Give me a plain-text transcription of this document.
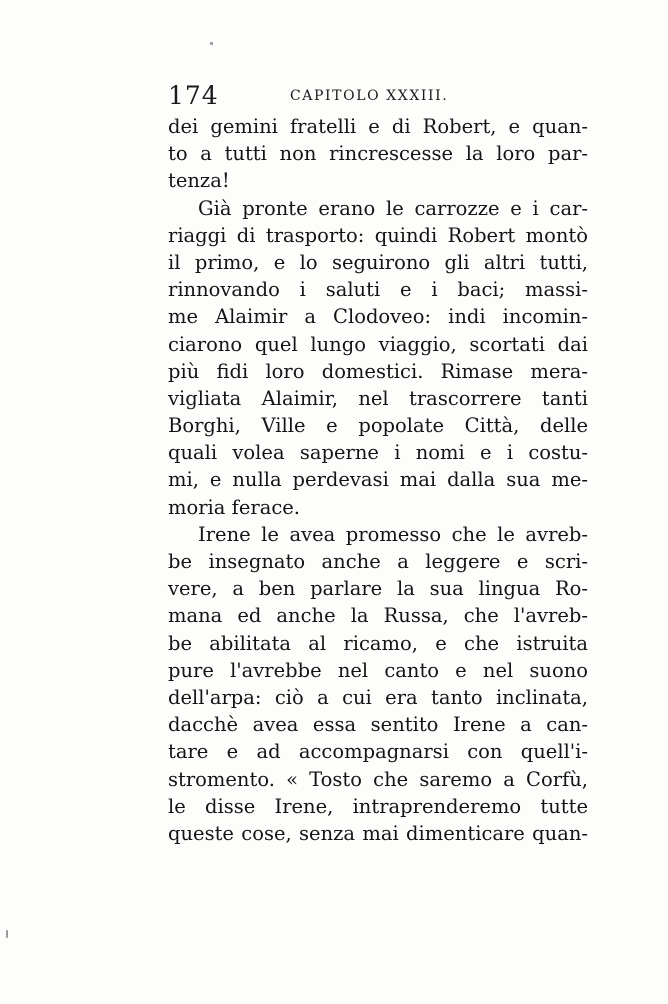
174	CAPITOLO XXXIII.
dei gemini fratelli e di Robert, e quan-
to a tutti non rincrescesse la loro par-
tenza!
Già pronte erano le carrozze e i car-
riaggi di trasporto: quindi Robert montò
il primo, e lo seguirono gli altri tutti,
rinnovando i saluti e i baci; massi-
me Alaimir a Clodoveo: indi incomin-
ciarono quel lungo viaggio, scortati dai
più fidi loro domestici. Rimase mera-
vigliata Alaimir, nel trascorrere tanti
Borghi, Ville e popolate Città, delle
quali volea saperne i nomi e i costu-
mi, e nulla perdevasi mai dalla sua me-
moria ferace.
Irene le avea promesso che le avreb-
be insegnato anche a leggere e scri-
vere, a ben parlare la sua lingua Ro-
mana ed anche la Russa, che l'avreb-
be abilitata al ricamo, e che istruita
pure l'avrebbe nel canto e nel suono
dell'arpa: ciò a cui era tanto inclinata,
dacchè avea essa sentito Irene a can-
tare e ad accompagnarsi con quell'i-
stromento. « Tosto che saremo a Corfù,
le disse Irene, intraprenderemo tutte
queste cose, senza mai dimenticare quan-
